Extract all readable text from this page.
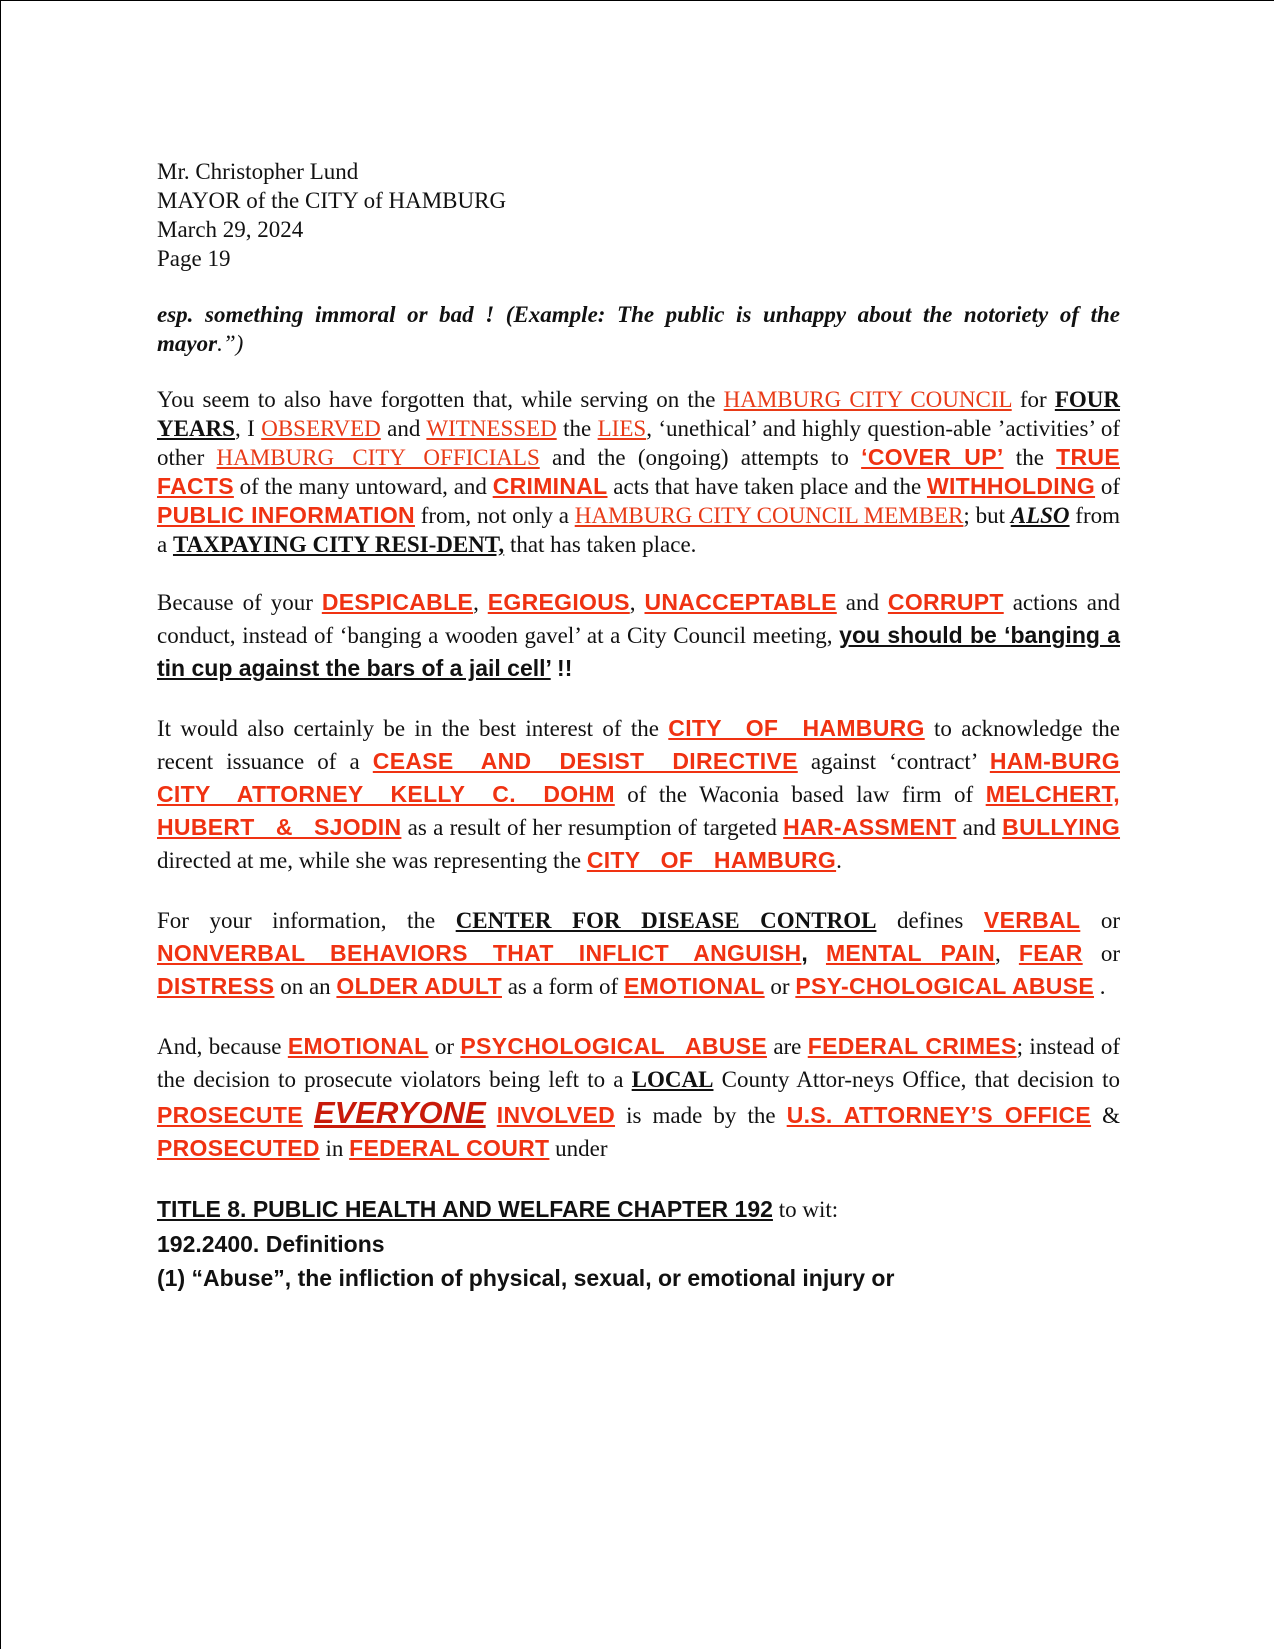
Mr. Christopher Lund
MAYOR of the CITY of HAMBURG
March 29, 2024
Page 19

esp. something immoral or bad ! (Example: The public is unhappy about the notoriety of the mayor.”)

You seem to also have forgotten that, while serving on the HAMBURG CITY COUNCIL for FOUR YEARS, I OBSERVED and WITNESSED the LIES, ‘unethical’ and highly question-able ’activities’ of other HAMBURG CITY OFFICIALS and the (ongoing) attempts to ‘COVER UP’ the TRUE FACTS of the many untoward, and CRIMINAL acts that have taken place and the WITHHOLDING of PUBLIC INFORMATION from, not only a HAMBURG CITY COUNCIL MEMBER; but ALSO from a TAXPAYING CITY RESI-DENT, that has taken place.

Because of your DESPICABLE, EGREGIOUS, UNACCEPTABLE and CORRUPT actions and conduct, instead of ‘banging a wooden gavel’ at a City Council meeting, you should be ‘banging a tin cup against the bars of a jail cell’ !!

It would also certainly be in the best interest of the CITY OF HAMBURG to acknowledge the recent issuance of a CEASE AND DESIST DIRECTIVE against ‘contract’ HAM-BURG CITY ATTORNEY KELLY C. DOHM of the Waconia based law firm of MELCHERT, HUBERT & SJODIN as a result of her resumption of targeted HAR-ASSMENT and BULLYING directed at me, while she was representing the CITY OF HAMBURG.

For your information, the CENTER FOR DISEASE CONTROL defines VERBAL or NONVERBAL BEHAVIORS THAT INFLICT ANGUISH, MENTAL PAIN, FEAR or DISTRESS on an OLDER ADULT as a form of EMOTIONAL or PSY-CHOLOGICAL ABUSE .

And, because EMOTIONAL or PSYCHOLOGICAL ABUSE are FEDERAL CRIMES; instead of the decision to prosecute violators being left to a LOCAL County Attor-neys Office, that decision to PROSECUTE EVERYONE INVOLVED is made by the U.S. ATTORNEY’S OFFICE & PROSECUTED in FEDERAL COURT under

TITLE 8. PUBLIC HEALTH AND WELFARE CHAPTER 192 to wit:
192.2400. Definitions
(1) “Abuse”, the infliction of physical, sexual, or emotional injury or
